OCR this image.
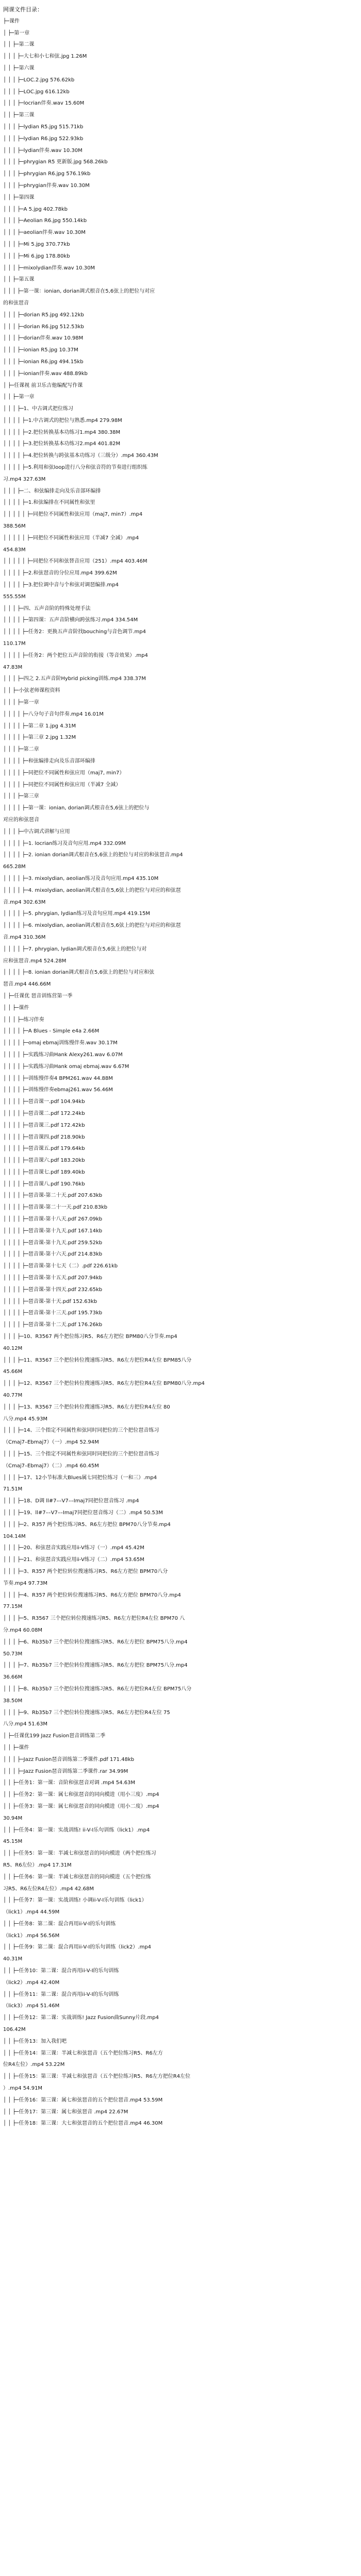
网课文件目录：
├─课件
│ ├─第一章
│ │ ├─第二课
│ │ │ ├─大七和小七和弦.jpg 1.26M
│ │ ├─第六课
│ │ │ ├─LOC.2.jpg 576.62kb
│ │ │ ├─LOC.jpg 616.12kb
│ │ │ ├─locrian伴奏.wav 15.60M
│ │ ├─第三课
│ │ │ ├─lydian R5.jpg 515.71kb
│ │ │ ├─lydian R6.jpg 522.93kb
│ │ │ ├─lydian伴奏.wav 10.30M
│ │ │ ├─phrygian R5 更新版.jpg 568.26kb
│ │ │ ├─phrygian R6.jpg 576.19kb
│ │ │ ├─phrygian伴奏.wav 10.30M
│ │ ├─第四课
│ │ │ ├─A 5.jpg 402.78kb
│ │ │ ├─Aeolian R6.jpg 550.14kb
│ │ │ ├─aeolian伴奏.wav 10.30M
│ │ │ ├─Mi 5.jpg 370.77kb
│ │ │ ├─Mi 6.jpg 178.80kb
│ │ │ ├─mixolydian伴奏.wav 10.30M
│ │ ├─第五课
│ │ │ ├─第一课：ionian, dorian调式根音在5,6弦上的把位与对应
的和弦琶音
│ │ │ ├─dorian R5.jpg 492.12kb
│ │ │ ├─dorian R6.jpg 512.53kb
│ │ │ ├─dorian伴奏.wav 10.98M
│ │ │ ├─ionian R5.jpg 10.37M
│ │ │ ├─ionian R6.jpg 494.15kb
│ │ │ ├─ionian伴奏.wav 488.89kb
│ ├─任课视 前卫乐吉他编配写作课
│ │ ├─第一章
│ │ │ ├─1、中古调式把位练习
│ │ │ │ ├─1.中古调式的把位与熟悉.mp4 279.98M
│ │ │ │ ├─2.把位转换基本功练习1.mp4 380.38M
│ │ │ │ ├─3.把位转换基本功练习2.mp4 401.82M
│ │ │ │ ├─4.把位转换与跨弦基本功练习（三级分）.mp4 360.43M
│ │ │ │ ├─5.利用和弦loop进行八分和弦音符的节奏进行组织练
习.mp4 327.63M
│ │ │ ├─二、和弦编排走向及乐音部环编排
│ │ │ │ ├─1.和弦编排在不同属性和弦里
│ │ │ │ │ ├─同把位不同属性和弦应用（maj7, min7）.mp4
388.56M
│ │ │ │ │ ├─同把位不同属性和弦应用（半减7 全减）.mp4
454.83M
│ │ │ │ │ ├─同把位不同和弦替音应用（251）.mp4 403.46M
│ │ │ │ ├─2.和弦琶音的分位应用.mp4 399.62M
│ │ │ │ ├─3.把位调中音与个和弦对调琶编排.mp4
555.55M
│ │ │ ├─四、五声音阶的特殊处理手法
│ │ │ │ ├─第四课：五声音阶横向跨弦练习.mp4 334.54M
│ │ │ │ ├─任务2：更换五声音阶找bouching与音色调节.mp4
110.17M
│ │ │ │ ├─任务2：两个把位五声音阶的衔接（等音效果）.mp4
47.83M
│ │ │ ├─四之 2.五声音阶Hybrid picking训练.mp4 338.37M
│ │ ├─小弦老师课程资料
│ │ │ ├─第一章
│ │ │ │ ├─八分句子音句伴奏.mp4 16.01M
│ │ │ │ ├─第二章 1.jpg 4.31M
│ │ │ │ ├─第三章 2.jpg 1.32M
│ │ │ ├─第二章
│ │ │ │ ├─和弦编排走向及乐音部环编排
│ │ │ │ ├─同把位不同属性和弦应用（maj7, min7）
│ │ │ │ ├─同把位不同属性和弦应用（半减7 全减）
│ │ │ ├─第三章
│ │ │ │ ├─第一课：ionian, dorian调式根音在5,6弦上的把位与
对应的和弦琶音
│ │ │ ├─中古调式讲解与应用
│ │ │ │ ├─1. locrian练习及音句应用.mp4 332.09M
│ │ │ │ ├─2. ionian dorian调式根音在5,6弦上的把位与对应的和弦琶音.mp4
665.28M
│ │ │ │ ├─3. mixolydian, aeolian练习及音句应用.mp4 435.10M
│ │ │ │ ├─4. mixolydian, aeolian调式根音在5,6弦上的把位与对应的和弦琶
音.mp4 302.63M
│ │ │ │ ├─5. phrygian, lydian练习及音句应用.mp4 419.15M
│ │ │ │ ├─6. mixolydian, aeolian调式根音在5,6弦上的把位与对应的和弦琶
音.mp4 310.36M
│ │ │ │ ├─7. phrygian, lydian调式根音在5,6弦上的把位与对
应和弦琶音.mp4 524.28M
│ │ │ │ ├─8. ionian dorian调式根音在5,6弦上的把位与对应和弦
琶音.mp4 446.66M
│ ├─任课优 琶音训练营第一季
│ │ ├─课件
│ │ │ ├─练习伴奏
│ │ │ │ ├─A Blues - Simple e4a 2.66M
│ │ │ │ ├─omaj ebmaj训练慢伴奏.wav 30.17M
│ │ │ │ ├─实践练习曲Hank Alexy261.wav 6.07M
│ │ │ │ ├─实践练习曲Hank omaj ebmaj.wav 6.67M
│ │ │ │ ├─训练慢伴奏4 BPM261.wav 44.88M
│ │ │ │ ├─训练慢伴奏ebmaj261.wav 56.46M
│ │ │ │ ├─琶音课一.pdf 104.94kb
│ │ │ │ ├─琶音课二.pdf 172.24kb
│ │ │ │ ├─琶音课三.pdf 172.42kb
│ │ │ │ ├─琶音课四.pdf 218.90kb
│ │ │ │ ├─琶音课五.pdf 179.64kb
│ │ │ │ ├─琶音课六.pdf 183.20kb
│ │ │ │ ├─琶音课七.pdf 189.40kb
│ │ │ │ ├─琶音课八.pdf 190.76kb
│ │ │ │ ├─琶音课-第二十天.pdf 207.63kb
│ │ │ │ ├─琶音课-第二十一天.pdf 210.83kb
│ │ │ │ ├─琶音课-第十八天.pdf 267.09kb
│ │ │ │ ├─琶音课-第十九天.pdf 167.14kb
│ │ │ │ ├─琶音课-第十九天.pdf 259.52kb
│ │ │ │ ├─琶音课-第十六天.pdf 214.83kb
│ │ │ │ ├─琶音课-第十七天（二）.pdf 226.61kb
│ │ │ │ ├─琶音课-第十五天.pdf 207.94kb
│ │ │ │ ├─琶音课-第十四天.pdf 232.65kb
│ │ │ │ ├─琶音课-第十天.pdf 152.63kb
│ │ │ │ ├─琶音课-第十三天.pdf 195.73kb
│ │ │ │ ├─琶音课-第十二天.pdf 176.26kb
│ │ │ ├─10、R3567 两个把位练习R5、R6左方把位 BPM80八分节奏.mp4
40.12M
│ │ │ ├─11、R3567 三个把位转位搜速练习R5、R6左方把位R4左位 BPM85八分
45.66M
│ │ │ ├─12、R3567 三个把位转位搜速练习R5、R6左方把位R4左位 BPM80八分.mp4
40.77M
│ │ │ ├─13、R3567 三个把位转位搜速练习R5、R6左方把位R4左位 80
八分.mp4 45.93M
│ │ │ ├─14、三个指定不同属性和弦同时同把位的三个把位琶音练习
（Cmaj7–Ebmaj7）（一）.mp4 52.94M
│ │ │ ├─15、三个指定不同属性和弦同时同把位的三个把位琶音练习
（Cmaj7–Ebmaj7）（二）.mp4 60.45M
│ │ │ ├─17、12小节标准大Blues属七同把位练习（一和三）.mp4
71.51M
│ │ │ ├─18、D调 ll#7––V7––Imaj7同把位琶音练习 .mp4
│ │ │ ├─19、ll#7––V7––Imaj7同把位琶音练习（二）.mp4 50.53M
│ │ │ ├─2、R357 两个把位练习R5、R6左方把位 BPM70八分节奏.mp4
104.14M
│ │ │ ├─20、和弦琶音实践应用ii-V练习（一）.mp4 45.42M
│ │ │ ├─21、和弦琶音实践应用ii-V练习（二）.mp4 53.65M
│ │ │ ├─3、R357 两个把位转位搜速练习R5、R6左方把位 BPM70八分
节奏.mp4 97.73M
│ │ │ ├─4、R357 两个把位转位搜速练习R5、R6左方把位 BPM70八分.mp4
77.15M
│ │ │ ├─5、R3567 三个把位转位搜速练习R5、R6左方把位R4左位 BPM70 八
分.mp4 60.08M
│ │ │ ├─6、Rb35b7 三个把位转位搜速练习R5、R6左方把位 BPM75八分.mp4
50.73M
│ │ │ ├─7、Rb35b7 三个把位转位搜速练习R5、R6左方把位 BPM75八分.mp4
36.66M
│ │ │ ├─8、Rb35b7 三个把位转位搜速练习R5、R6左方把位R4左位 BPM75八分
38.50M
│ │ │ ├─9、Rb35b7 三个把位转位搜速练习R5、R6左方把位R4左位 75
八分.mp4 51.63M
│ ├─任课优199 Jazz Fusion琶音训练第二季
│ │ ├─课件
│ │ │ ├─Jazz Fusion琶音训练第二季课件.pdf 171.48kb
│ │ │ ├─Jazz Fusion琶音训练第二季课件.rar 34.99M
│ │ ├─任务1：第一课：音阶和弦琶音对调 .mp4 54.63M
│ │ ├─任务2：第一课：属七和弦琶音的同向模进（用小三度）.mp4
│ │ ├─任务3：第一课：属七和弦琶音的同向模进（用小二度）.mp4
30.94M
│ │ ├─任务4：第一课：实战训练! ii-V-I乐句训练（lick1）.mp4
45.15M
│ │ ├─任务5：第一课：半减七和弦琶音的同向模进（两个把位练习
R5、R6左位）.mp4 17.31M
│ │ ├─任务6：第一课：半减七和弦琶音的同向模进（五个把位练
习R5、R6左位R4左位）.mp4 42.68M
│ │ ├─任务7：第一课：实战训练! 小调ii-V-I乐句训练（lick1）
（lick1）.mp4 44.59M
│ │ ├─任务8：第二课：混合再用ii-V-I的乐句训练
（lick1）.mp4 56.56M
│ │ ├─任务9：第二课：混合再用ii-V-I的乐句训练（lick2）.mp4
40.31M
│ │ ├─任务10：第二课：混合再用ii-V-I的乐句训练
（lick2）.mp4 42.40M
│ │ ├─任务11：第二课：混合再用ii-V-I的乐句训练
（lick3）.mp4 51.46M
│ │ ├─任务12：第二课：实战训练! Jazz Fusion曲Sunny片段.mp4
106.42M
│ │ ├─任务13：加入我们吧
│ │ ├─任务14：第三课：半减七和弦琶音（五个把位练习R5、R6左方
位R4左位）.mp4 53.22M
│ │ ├─任务15：第三课：半减七和弦琶音（五个把位练习R5、R6左方把位R4左位
）.mp4 54.91M
│ │ ├─任务16：第三课：属七和弦琶音的五个把位琶音.mp4 53.59M
│ │ ├─任务17：第三课：属七和弦琶音 .mp4 22.67M
│ │ ├─任务18：第三课：大七和弦琶音的五个把位琶音.mp4 46.30M
